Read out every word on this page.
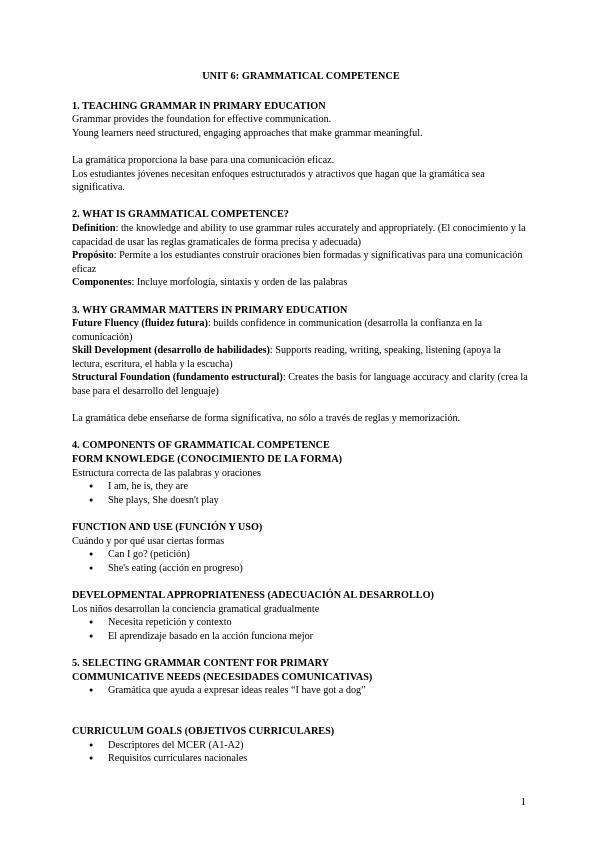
UNIT 6: GRAMMATICAL COMPETENCE

1. TEACHING GRAMMAR IN PRIMARY EDUCATION

Grammar provides the foundation for effective communication.

Young learners need structured, engaging approaches that make grammar meaningful.

La gramática proporciona la base para una comunicación eficaz.

Los estudiantes jóvenes necesitan enfoques estructurados y atractivos que hagan que la gramática sea significativa.

2. WHAT IS GRAMMATICAL COMPETENCE?

Definition: the knowledge and ability to use grammar rules accurately and appropriately. (El conocimiento y la capacidad de usar las reglas gramaticales de forma precisa y adecuada)

Propósito: Permite a los estudiantes construir oraciones bien formadas y significativas para una comunicación eficaz

Componentes: Incluye morfología, sintaxis y orden de las palabras

3. WHY GRAMMAR MATTERS IN PRIMARY EDUCATION

Future Fluency (fluidez futura): builds confidence in communication (desarrolla la confianza en la comunicación)

Skill Development (desarrollo de habilidades): Supports reading, writing, speaking, listening (apoya la lectura, escritura, el habla y la escucha)

Structural Foundation (fundamento estructural): Creates the basis for language accuracy and clarity (crea la base para el desarrollo del lenguaje)

La gramática debe enseñarse de forma significativa, no sólo a través de reglas y memorización.

4. COMPONENTS OF GRAMMATICAL COMPETENCE
FORM KNOWLEDGE (CONOCIMIENTO DE LA FORMA)

Estructura correcta de las palabras y oraciones

● I am, he is, they are
● She plays, She doesn't play
FUNCTION AND USE (FUNCIÓN Y USO)

Cuándo y por qué usar ciertas formas

● Can I go? (petición)
● She's eating (acción en progreso)
DEVELOPMENTAL APPROPRIATENESS (ADECUACIÓN AL DESARROLLO)

Los niños desarrollan la conciencia gramatical gradualmente

● Necesita repetición y contexto
● El aprendizaje basado en la acción funciona mejor
5. SELECTING GRAMMAR CONTENT FOR PRIMARY
COMMUNICATIVE NEEDS (NECESIDADES COMUNICATIVAS)
● Gramática que ayuda a expresar ideas reales “I have got a dog”
CURRICULUM GOALS (OBJETIVOS CURRICULARES)
● Descriptores del MCER (A1-A2)
● Requisitos curriculares nacionales
1
